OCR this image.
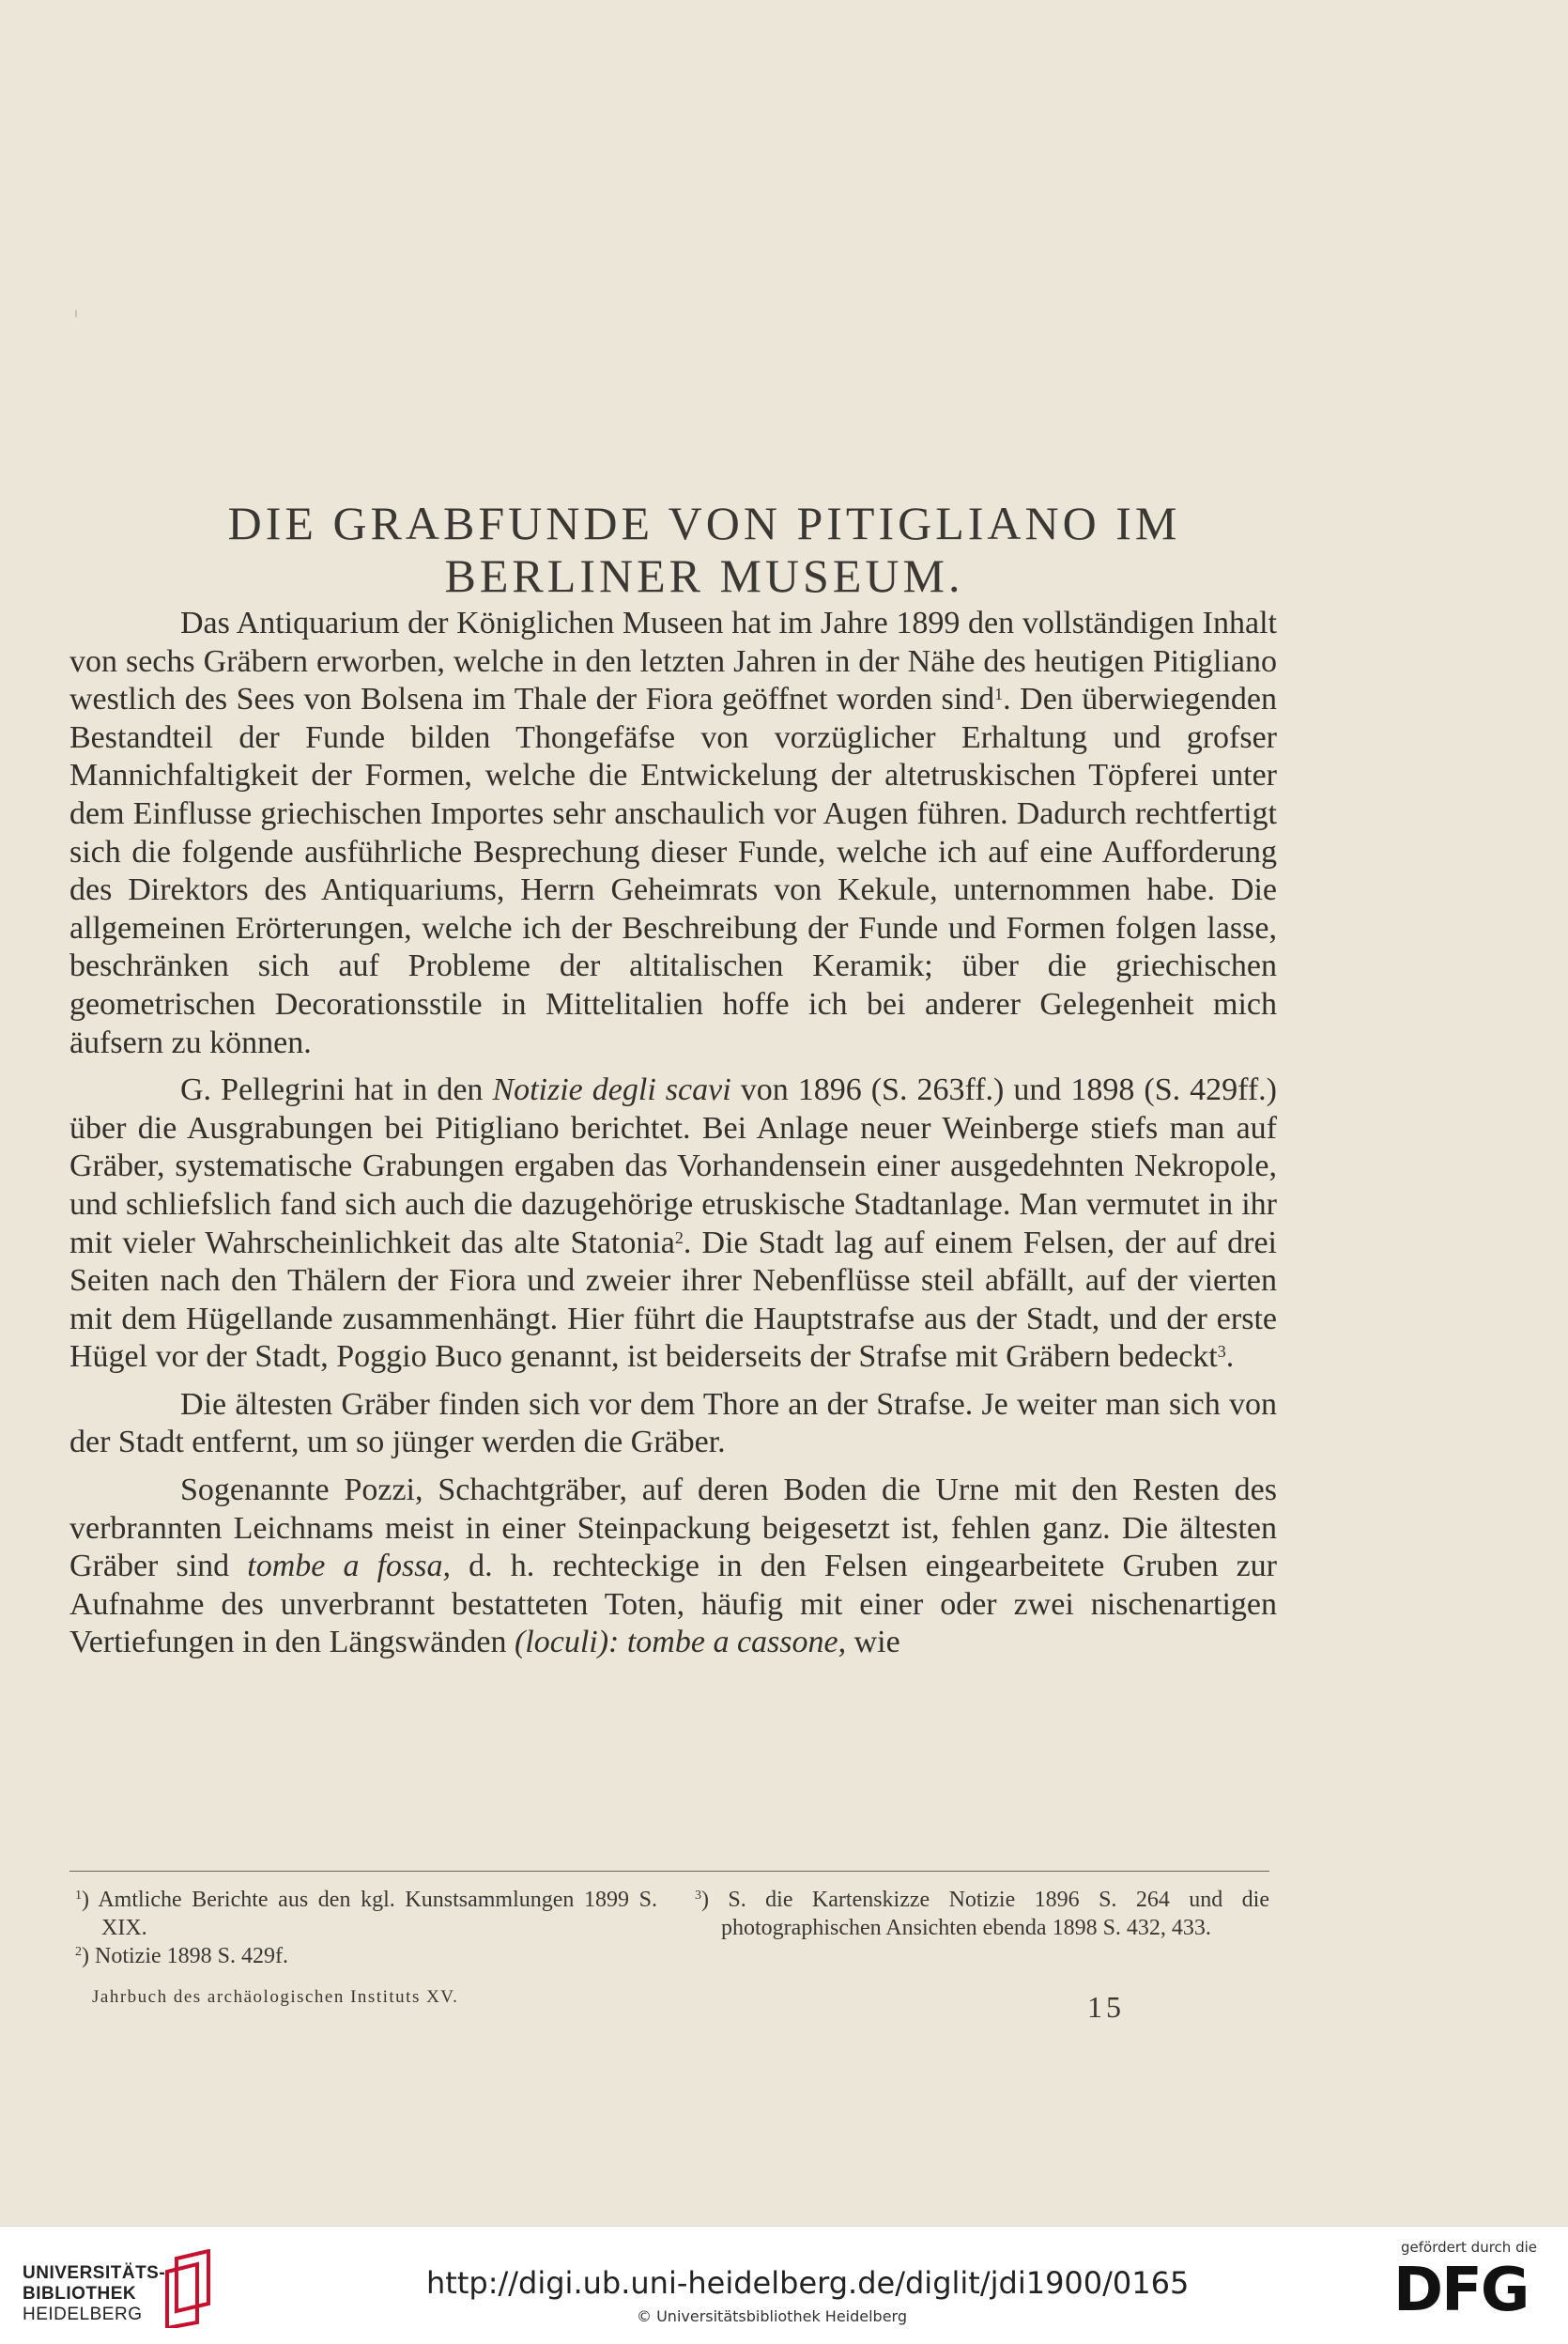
DIE GRABFUNDE VON PITIGLIANO IM
BERLINER MUSEUM.

Das Antiquarium der Königlichen Museen hat im Jahre 1899 den vollständigen Inhalt von sechs Gräbern erworben, welche in den letzten Jahren in der Nähe des heutigen Pitigliano westlich des Sees von Bolsena im Thale der Fiora geöffnet worden sind$^1$. Den überwiegenden Bestandteil der Funde bilden Thongefäfse von vorzüglicher Erhaltung und grofser Mannichfaltigkeit der Formen, welche die Entwickelung der altetruskischen Töpferei unter dem Einflusse griechischen Importes sehr anschaulich vor Augen führen. Dadurch rechtfertigt sich die folgende ausführliche Besprechung dieser Funde, welche ich auf eine Aufforderung des Direktors des Antiquariums, Herrn Geheimrats von Kekule, unternommen habe. Die allgemeinen Erörterungen, welche ich der Beschreibung der Funde und Formen folgen lasse, beschränken sich auf Probleme der altitalischen Keramik; über die griechischen geometrischen Decorationsstile in Mittelitalien hoffe ich bei anderer Gelegenheit mich äufsern zu können.

G. Pellegrini hat in den Notizie degli scavi von 1896 (S. 263ff.) und 1898 (S. 429ff.) über die Ausgrabungen bei Pitigliano berichtet. Bei Anlage neuer Weinberge stiefs man auf Gräber, systematische Grabungen ergaben das Vorhandensein einer ausgedehnten Nekropole, und schliefslich fand sich auch die dazugehörige etruskische Stadtanlage. Man vermutet in ihr mit vieler Wahrscheinlichkeit das alte Statonia$^2$. Die Stadt lag auf einem Felsen, der auf drei Seiten nach den Thälern der Fiora und zweier ihrer Nebenflüsse steil abfällt, auf der vierten mit dem Hügellande zusammenhängt. Hier führt die Hauptstrafse aus der Stadt, und der erste Hügel vor der Stadt, Poggio Buco genannt, ist beiderseits der Strafse mit Gräbern bedeckt$^3$.

Die ältesten Gräber finden sich vor dem Thore an der Strafse. Je weiter man sich von der Stadt entfernt, um so jünger werden die Gräber.

Sogenannte Pozzi, Schachtgräber, auf deren Boden die Urne mit den Resten des verbrannten Leichnams meist in einer Steinpackung beigesetzt ist, fehlen ganz. Die ältesten Gräber sind tombe a fossa, d. h. rechteckige in den Felsen eingearbeitete Gruben zur Aufnahme des unverbrannt bestatteten Toten, häufig mit einer oder zwei nischenartigen Vertiefungen in den Längswänden (loculi): tombe a cassone, wie

$^1$) Amtliche Berichte aus den kgl. Kunstsammlungen 1899 S. XIX.

$^2$) Notizie 1898 S. 429f.

$^3$) S. die Kartenskizze Notizie 1896 S. 264 und die photographischen Ansichten ebenda 1898 S. 432, 433.

Jahrbuch des archäologischen Instituts XV.	15
UNIVERSITÄTS-
BIBLIOTHEK
HEIDELBERG
http://digi.ub.uni-heidelberg.de/diglit/jdi1900/0165
© Universitätsbibliothek Heidelberg
gefördert durch die
DFG
